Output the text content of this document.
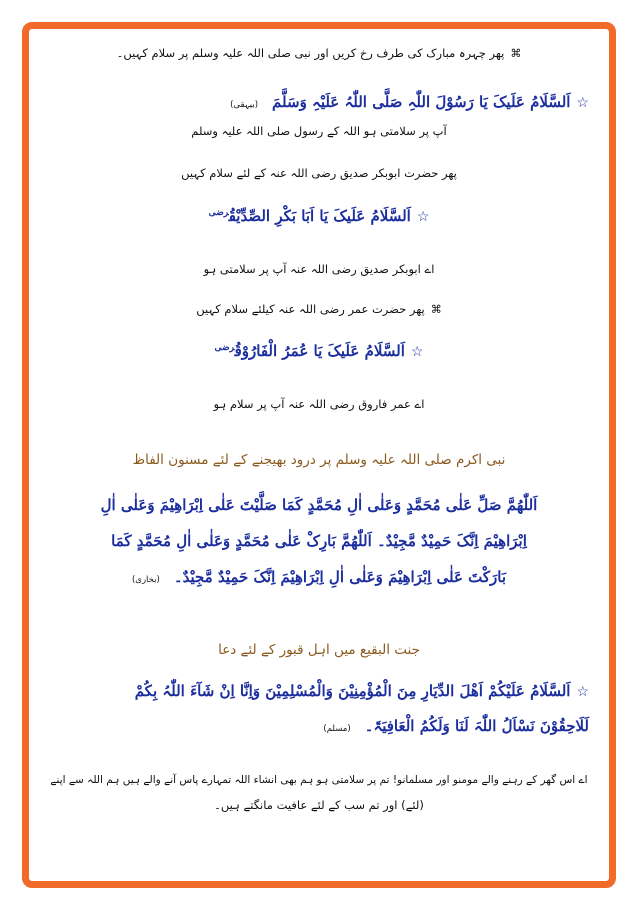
⌘پھر چہرہ مبارک کی طرف رخ کریں اور نبی صلی اللہ علیہ وسلم پر سلام کہیں۔
☆اَلسَّلَامُ عَلَیکَ یَا رَسُوْلَ اللّٰہِ صَلَّی اللّٰہُ عَلَیْہِ وَسَلَّمَ(بیہقی)
آپ پر سلامتی ہو اللہ کے رسول صلی اللہ علیہ وسلم
پھر حضرت ابوبکر صدیق رضی اللہ عنہ کے لئے سلام کہیں
☆اَلسَّلَامُ عَلَیکَ یَا اَبَا بَکْرِ الصِّدِّیْقُ$^{رضی}$
اے ابوبکر صدیق رضی اللہ عنہ آپ پر سلامتی ہو
⌘پھر حضرت عمر رضی اللہ عنہ کیلئے سلام کہیں
☆اَلسَّلَامُ عَلَیکَ یَا عُمَرُ الْفَارُوْقُ$^{رضی}$
اے عمر فاروق رضی اللہ عنہ آپ پر سلام ہو
نبی اکرم صلی اللہ علیہ وسلم پر درود بھیجنے کے لئے مسنون الفاظ
اَللّٰھُمَّ صَلِّ عَلٰی مُحَمَّدٍ وَعَلٰی اٰلِ مُحَمَّدٍ کَمَا صَلَّیْتَ عَلٰی اِبْرَاھِیْمَ وَعَلٰی اٰلِ
اِبْرَاھِیْمَ اِنَّکَ حَمِیْدٌ مَّجِیْدٌ۔ اَللّٰھُمَّ بَارِکْ عَلٰی مُحَمَّدٍ وَعَلٰی اٰلِ مُحَمَّدٍ کَمَا
بَارَکْتَ عَلٰی اِبْرَاھِیْمَ وَعَلٰی اٰلِ اِبْرَاھِیْمَ اِنَّکَ حَمِیْدٌ مَّجِیْدٌ۔(بخاری)
جنت البقیع میں اہل قبور کے لئے دعا
☆اَلسَّلَامُ عَلَیْکُمْ اَھْلَ الدِّیَارِ مِنَ الْمُؤْمِنِیْنَ وَالْمُسْلِمِیْنَ وَاِنَّا اِنْ شَآءَ اللّٰہُ بِکُمْ
لَلَاحِقُوْنَ نَسْاَلُ اللّٰہَ لَنَا وَلَکُمُ الْعَافِیَۃَ۔(مسلم)
اے اس گھر کے رہنے والے مومنو اور مسلمانو! تم پر سلامتی ہو ہم بھی انشاء اللہ تمہارے پاس آنے والے ہیں ہم اللہ سے اپنے
(لئے) اور تم سب کے لئے عافیت مانگتے ہیں۔
